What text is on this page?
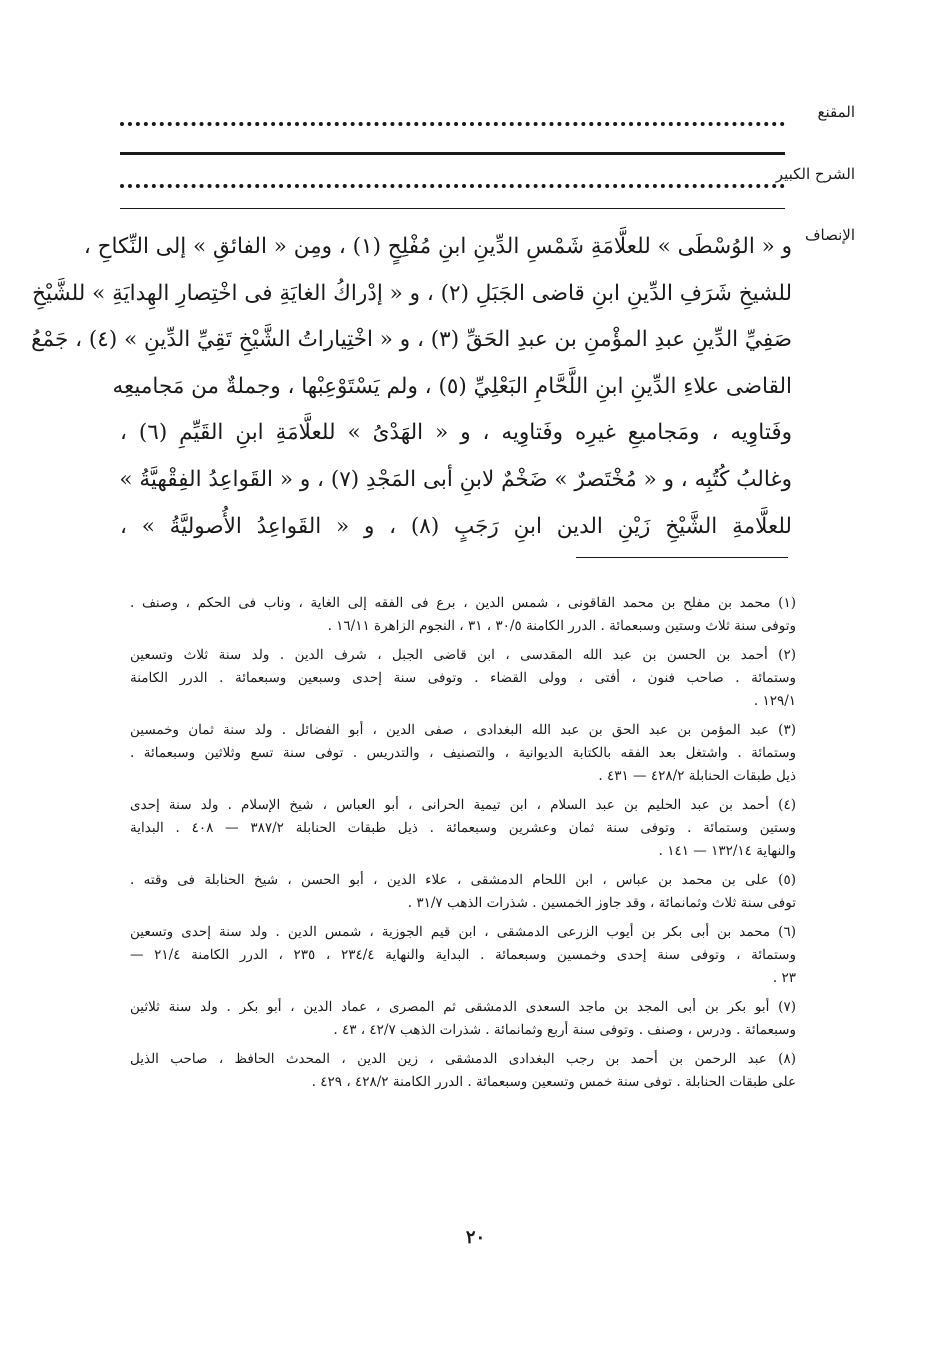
المقنع
الشرح الكبير
الإنصاف
و « الوُسْطَى » للعلَّامَةِ شَمْسِ الدِّينِ ابنِ مُفْلِحٍ (١) ، ومِن « الفائقِ » إلى النِّكاحِ ،
للشيخِ شَرَفِ الدِّينِ ابنِ قاضى الجَبَلِ (٢) ، و « إدْراكُ الغايَةِ فى اخْتِصارِ الهِدايَةِ » للشَّيْخِ
صَفِيِّ الدِّينِ عبدِ المؤْمنِ بن عبدِ الحَقِّ (٣) ، و « اخْتِياراتُ الشَّيْخِ تَقِيِّ الدِّينِ » (٤) ، جَمْعُ
القاضى علاءِ الدِّينِ ابنِ اللَّحَّامِ البَعْلِيِّ (٥) ، ولم يَسْتَوْعِبْها ، وجملةٌ من مَجاميعِه
وفَتاوِيه ، ومَجاميعِ غيرِه وفَتاوِيه ، و « الهَدْىُ » للعلَّامَةِ ابنِ القَيِّمِ (٦) ،
وغالبُ كُتُبِه ، و « مُخْتَصرٌ » ضَخْمٌ لابنِ أبى المَجْدِ (٧) ، و « القَواعِدُ الفِقْهيَّةُ »
للعلَّامةِ الشَّيْخِ زَيْنِ الدين ابنِ رَجَبٍ (٨) ، و « القَواعِدُ الأُصوليَّةُ » ،
(١) محمد بن مفلح بن محمد القاقونى ، شمس الدين ، برع فى الفقه إلى الغاية ، وناب فى الحكم ، وصنف .
وتوفى سنة ثلاث وستين وسبعمائة . الدرر الكامنة ٣٠/٥ ، ٣١ ، النجوم الزاهرة ١٦/١١ .
(٢) أحمد بن الحسن بن عبد الله المقدسى ، ابن قاضى الجبل ، شرف الدين . ولد سنة ثلاث وتسعين
وستمائة . صاحب فنون ، أفتى ، وولى القضاء . وتوفى سنة إحدى وسبعين وسبعمائة . الدرر الكامنة
١٢٩/١ .
(٣) عبد المؤمن بن عبد الحق بن عبد الله البغدادى ، صفى الدين ، أبو الفضائل . ولد سنة ثمان وخمسين
وستمائة . واشتغل بعد الفقه بالكتابة الديوانية ، والتصنيف ، والتدريس . توفى سنة تسع وثلاثين وسبعمائة .
ذيل طبقات الحنابلة ٤٢٨/٢ — ٤٣١ .
(٤) أحمد بن عبد الحليم بن عبد السلام ، ابن تيمية الحرانى ، أبو العباس ، شيخ الإسلام . ولد سنة إحدى
وستين وستمائة . وتوفى سنة ثمان وعشرين وسبعمائة . ذيل طبقات الحنابلة ٣٨٧/٢ — ٤٠٨ . البداية
والنهاية ١٣٢/١٤ — ١٤١ .
(٥) على بن محمد بن عباس ، ابن اللحام الدمشقى ، علاء الدين ، أبو الحسن ، شيخ الحنابلة فى وقته .
توفى سنة ثلاث وثمانمائة ، وقد جاوز الخمسين . شذرات الذهب ٣١/٧ .
(٦) محمد بن أبى بكر بن أيوب الزرعى الدمشقى ، ابن قيم الجوزية ، شمس الدين . ولد سنة إحدى وتسعين
وستمائة ، وتوفى سنة إحدى وخمسين وسبعمائة . البداية والنهاية ٢٣٤/٤ ، ٢٣٥ ، الدرر الكامنة ٢١/٤ —
٢٣ .
(٧) أبو بكر بن أبى المجد بن ماجد السعدى الدمشقى ثم المصرى ، عماد الدين ، أبو بكر . ولد سنة ثلاثين
وسبعمائة . ودرس ، وصنف . وتوفى سنة أربع وثمانمائة . شذرات الذهب ٤٢/٧ ، ٤٣ .
(٨) عبد الرحمن بن أحمد بن رجب البغدادى الدمشقى ، زين الدين ، المحدث الحافظ ، صاحب الذيل
على طبقات الحنابلة . توفى سنة خمس وتسعين وسبعمائة . الدرر الكامنة ٤٢٨/٢ ، ٤٢٩ .
٢٠
